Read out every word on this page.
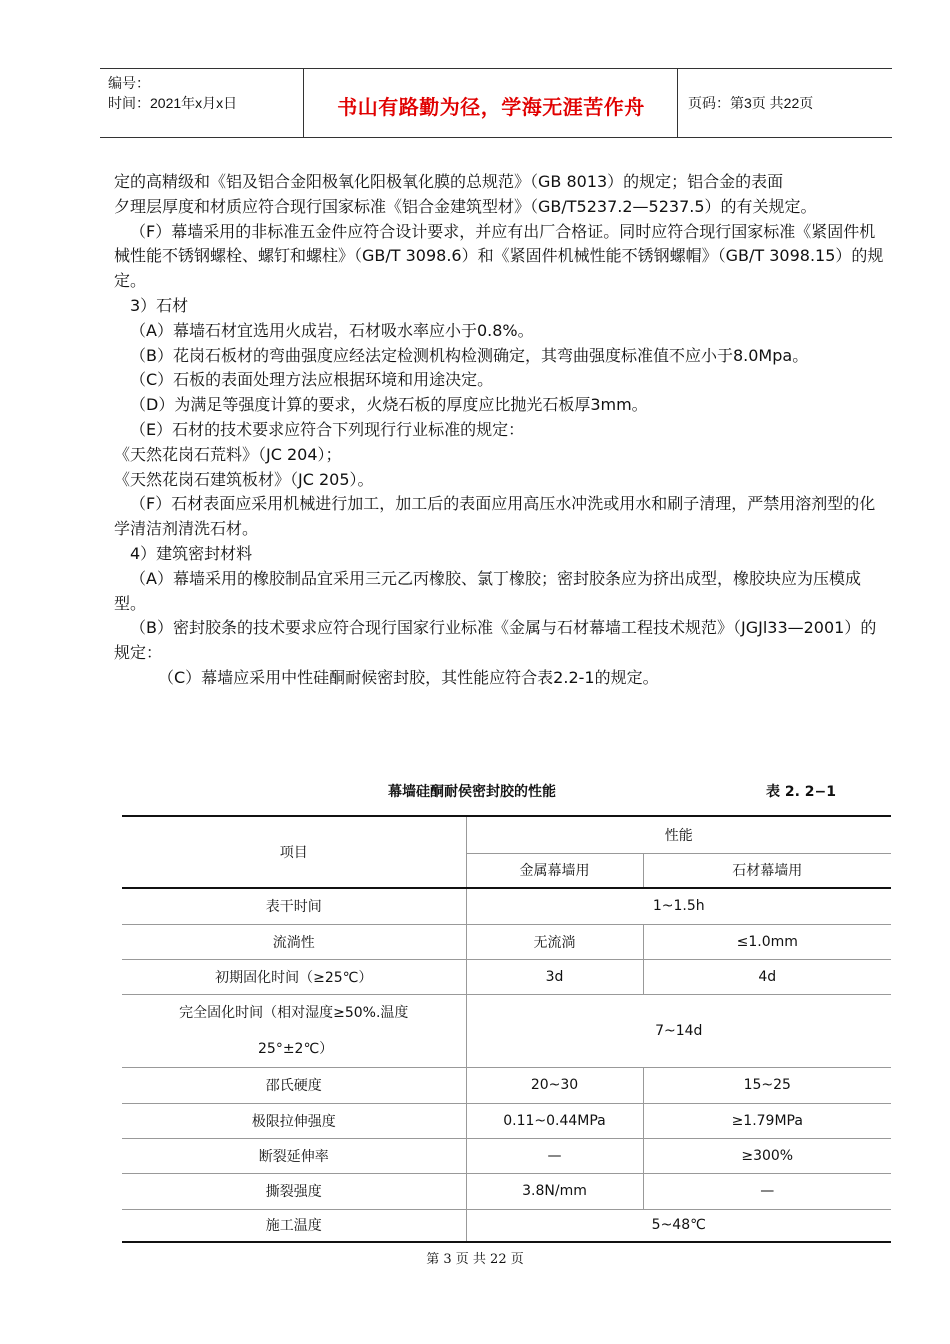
编号：
时间：2021年x月x日	书山有路勤为径，学海无涯苦作舟	页码：第3页 共22页

定的高精级和《铝及铝合金阳极氧化阳极氧化膜的总规范》（GB 8013）的规定；铝合金的表面

夕理层厚度和材质应符合现行国家标准《铝合金建筑型材》（GB/T5237.2—5237.5）的有关规定。

（F）幕墙采用的非标准五金件应符合设计要求，并应有出厂合格证。同时应符合现行国家标准《紧固件机械性能不锈钢螺栓、螺钉和螺柱》（GB/T 3098.6）和《紧固件机械性能不锈钢螺帽》（GB/T 3098.15）的规定。

3）石材

（A）幕墙石材宜选用火成岩，石材吸水率应小于0.8%。

（B）花岗石板材的弯曲强度应经法定检测机构检测确定，其弯曲强度标准值不应小于8.0Mpa。

（C）石板的表面处理方法应根据环境和用途决定。

（D）为满足等强度计算的要求，火烧石板的厚度应比抛光石板厚3mm。

（E）石材的技术要求应符合下列现行行业标准的规定：

《天然花岗石荒料》（JC 204）；

《天然花岗石建筑板材》（JC 205）。

（F）石材表面应采用机械进行加工，加工后的表面应用高压水冲洗或用水和刷子清理，严禁用溶剂型的化学清洁剂清洗石材。

4）建筑密封材料

（A）幕墙采用的橡胶制品宜采用三元乙丙橡胶、氯丁橡胶；密封胶条应为挤出成型，橡胶块应为压模成型。

（B）密封胶条的技术要求应符合现行国家行业标准《金属与石材幕墙工程技术规范》（JGJl33—2001）的规定：

（C）幕墙应采用中性硅酮耐候密封胶，其性能应符合表2.2-1的规定。

幕墙硅酮耐侯密封胶的性能	表 2. 2−1
项目	性能	
	金属幕墙用	石材幕墙用
表干时间	1~1.5h	
流淌性	无流淌	≤1.0mm
初期固化时间（≥25℃）	3d	4d

完全固化时间（相对湿度≥50%.温度
25°±2℃）	7~14d	
邵氏硬度	20~30	15~25
极限拉伸强度	0.11~0.44MPa	≥1.79MPa
断裂延伸率	—	≥300%
撕裂强度	3.8N/mm	—
施工温度	5~48℃	
第 3 页 共 22 页
